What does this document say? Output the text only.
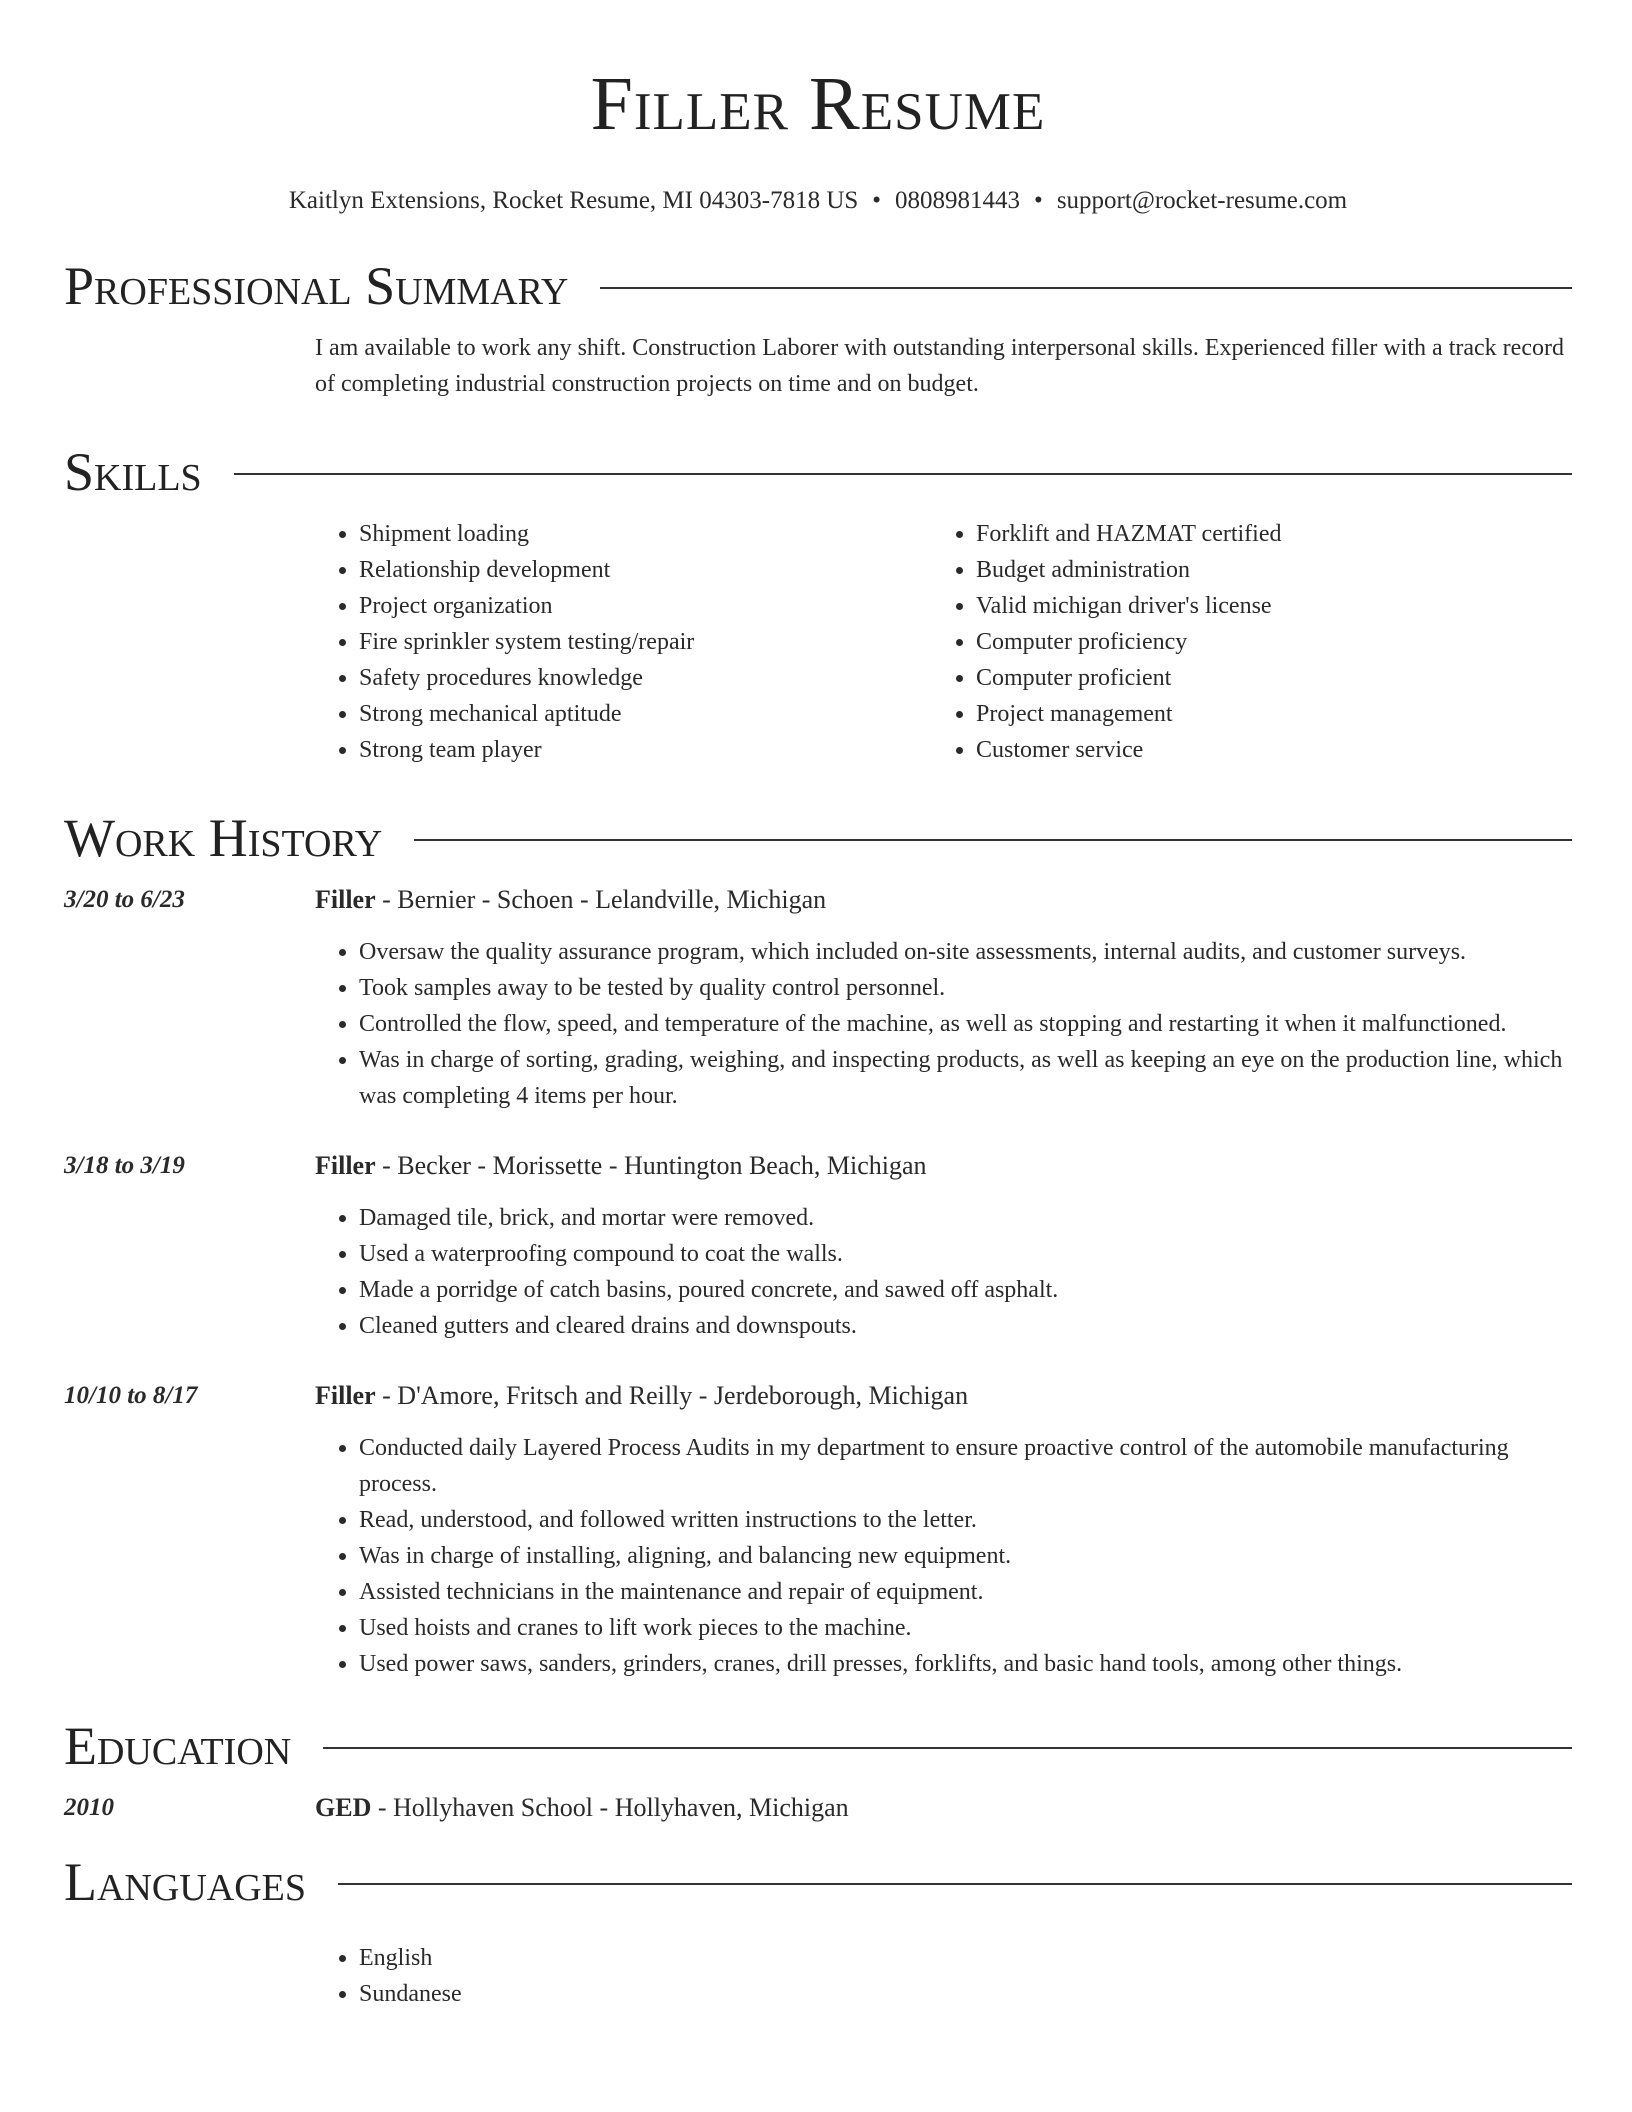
Filler Resume
Kaitlyn Extensions, Rocket Resume, MI 04303-7818 US • 0808981443 • support@rocket-resume.com
Professional Summary
I am available to work any shift. Construction Laborer with outstanding interpersonal skills. Experienced filler with a track record of completing industrial construction projects on time and on budget.
Skills
• Shipment loading
• Relationship development
• Project organization
• Fire sprinkler system testing/repair
• Safety procedures knowledge
• Strong mechanical aptitude
• Strong team player
• Forklift and HAZMAT certified
• Budget administration
• Valid michigan driver's license
• Computer proficiency
• Computer proficient
• Project management
• Customer service
Work History
3/20 to 6/23	Filler - Bernier - Schoen - Lelandville, Michigan
• Oversaw the quality assurance program, which included on-site assessments, internal audits, and customer surveys.
• Took samples away to be tested by quality control personnel.
• Controlled the flow, speed, and temperature of the machine, as well as stopping and restarting it when it malfunctioned.
• Was in charge of sorting, grading, weighing, and inspecting products, as well as keeping an eye on the production line, which was completing 4 items per hour.
3/18 to 3/19	Filler - Becker - Morissette - Huntington Beach, Michigan
• Damaged tile, brick, and mortar were removed.
• Used a waterproofing compound to coat the walls.
• Made a porridge of catch basins, poured concrete, and sawed off asphalt.
• Cleaned gutters and cleared drains and downspouts.
10/10 to 8/17	Filler - D'Amore, Fritsch and Reilly - Jerdeborough, Michigan
• Conducted daily Layered Process Audits in my department to ensure proactive control of the automobile manufacturing process.
• Read, understood, and followed written instructions to the letter.
• Was in charge of installing, aligning, and balancing new equipment.
• Assisted technicians in the maintenance and repair of equipment.
• Used hoists and cranes to lift work pieces to the machine.
• Used power saws, sanders, grinders, cranes, drill presses, forklifts, and basic hand tools, among other things.
Education
2010	GED - Hollyhaven School - Hollyhaven, Michigan
Languages
• English
• Sundanese
